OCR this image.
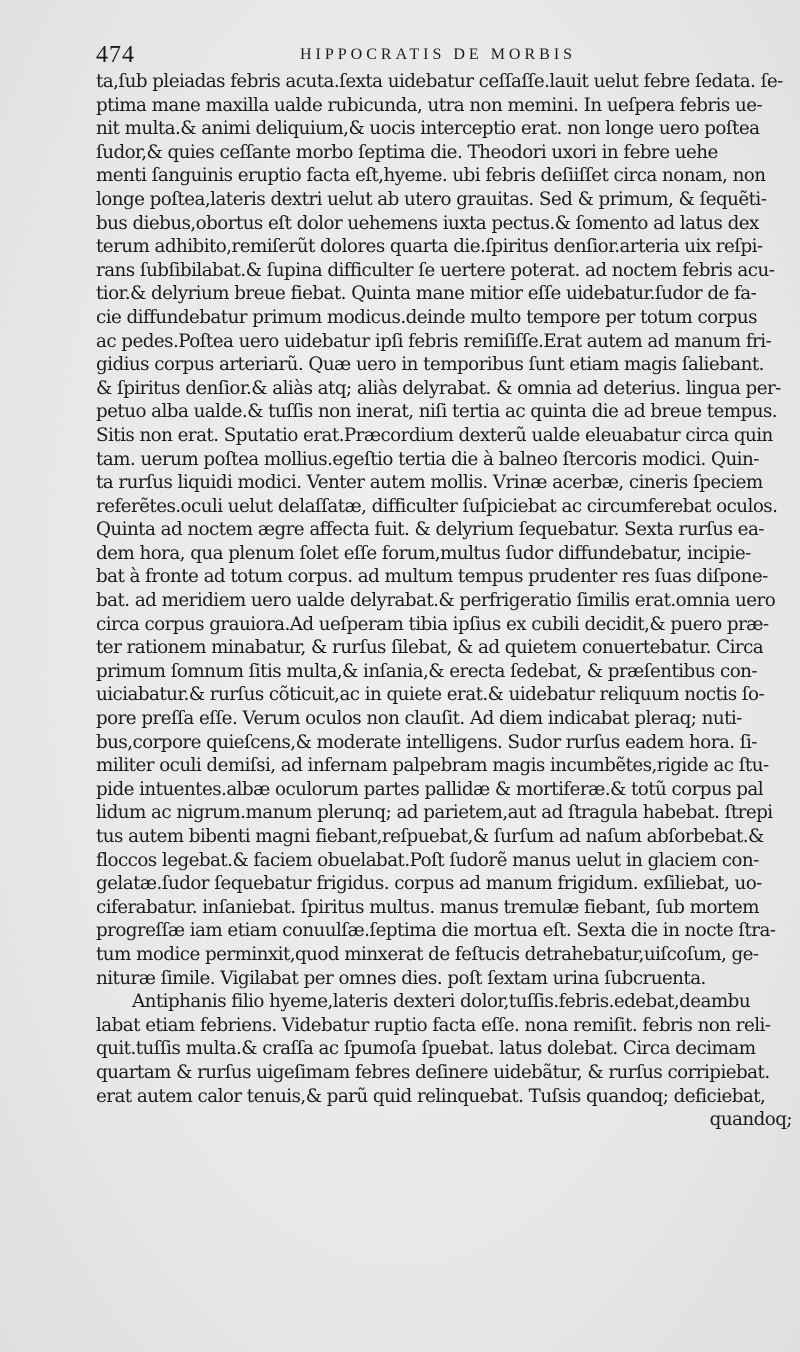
474	HIPPOCRATIS DE MORBIS
ta,ſub pleiadas febris acuta.ſexta uidebatur ceſſaſſe.lauit uelut febre ſedata. ſe-
ptima mane maxilla ualde rubicunda, utra non memini. In ueſpera febris ue-
nit multa.& animi deliquium,& uocis interceptio erat. non longe uero poſtea
ſudor,& quies ceſſante morbo ſeptima die. Theodori uxori in febre uehe
menti ſanguinis eruptio facta eſt,hyeme. ubi febris deſiiſſet circa nonam, non
longe poſtea,lateris dextri uelut ab utero grauitas. Sed & primum, & ſequẽti-
bus diebus,obortus eſt dolor uehemens iuxta pectus.& ſomento ad latus dex
terum adhibito,remiſerũt dolores quarta die.ſpiritus denſior.arteria uix reſpi-
rans ſubſibilabat.& ſupina difficulter ſe uertere poterat. ad noctem febris acu-
tior.& delyrium breue fiebat. Quinta mane mitior eſſe uidebatur.ſudor de fa-
cie diffundebatur primum modicus.deinde multo tempore per totum corpus
ac pedes.Poſtea uero uidebatur ipſi febris remiſiſſe.Erat autem ad manum fri-
gidius corpus arteriarũ. Quæ uero in temporibus ſunt etiam magis ſaliebant.
& ſpiritus denſior.& aliàs atq; aliàs delyrabat. & omnia ad deterius. lingua per-
petuo alba ualde.& tuſſis non inerat, niſi tertia ac quinta die ad breue tempus.
Sitis non erat. Sputatio erat.Præcordium dexterũ ualde eleuabatur circa quin
tam. uerum poſtea mollius.egeſtio tertia die à balneo ſtercoris modici. Quin-
ta rurſus liquidi modici. Venter autem mollis. Vrinæ acerbæ, cineris ſpeciem
referẽtes.oculi uelut delaſſatæ, difficulter ſuſpiciebat ac circumferebat oculos.
Quinta ad noctem ægre affecta fuit. & delyrium ſequebatur. Sexta rurſus ea-
dem hora, qua plenum ſolet eſſe forum,multus ſudor diffundebatur, incipie-
bat à fronte ad totum corpus. ad multum tempus prudenter res ſuas diſpone-
bat. ad meridiem uero ualde delyrabat.& perfrigeratio ſimilis erat.omnia uero
circa corpus grauiora.Ad ueſperam tibia ipſius ex cubili decidit,& puero præ-
ter rationem minabatur, & rurſus ſilebat, & ad quietem conuertebatur. Circa
primum ſomnum ſitis multa,& inſania,& erecta ſedebat, & præſentibus con-
uiciabatur.& rurſus cõticuit,ac in quiete erat.& uidebatur reliquum noctis ſo-
pore preſſa eſſe. Verum oculos non clauſit. Ad diem indicabat pleraq; nuti-
bus,corpore quieſcens,& moderate intelligens. Sudor rurſus eadem hora. ſi-
militer oculi demiſsi, ad infernam palpebram magis incumbẽtes,rigide ac ſtu-
pide intuentes.albæ oculorum partes pallidæ & mortiferæ.& totũ corpus pal
lidum ac nigrum.manum plerunq; ad parietem,aut ad ſtragula habebat. ſtrepi
tus autem bibenti magni fiebant,reſpuebat,& ſurſum ad naſum abſorbebat.&
floccos legebat.& faciem obuelabat.Poſt ſudorẽ manus uelut in glaciem con-
gelatæ.ſudor ſequebatur frigidus. corpus ad manum frigidum. exſiliebat, uo-
ciferabatur. inſaniebat. ſpiritus multus. manus tremulæ fiebant, ſub mortem
progreſſæ iam etiam conuulſæ.ſeptima die mortua eſt. Sexta die in nocte ſtra-
tum modice perminxit,quod minxerat de feſtucis detrahebatur,uiſcoſum, ge-
nituræ ſimile. Vigilabat per omnes dies. poſt ſextam urina ſubcruenta.
Antiphanis filio hyeme,lateris dexteri dolor,tuſſis.febris.edebat,deambu
labat etiam febriens. Videbatur ruptio facta eſſe. nona remiſit. febris non reli-
quit.tuſſis multa.& craſſa ac ſpumoſa ſpuebat. latus dolebat. Circa decimam
quartam & rurſus uigeſimam febres deſinere uidebãtur, & rurſus corripiebat.
erat autem calor tenuis,& parũ quid relinquebat. Tuſsis quandoq; deficiebat,
quandoq;
